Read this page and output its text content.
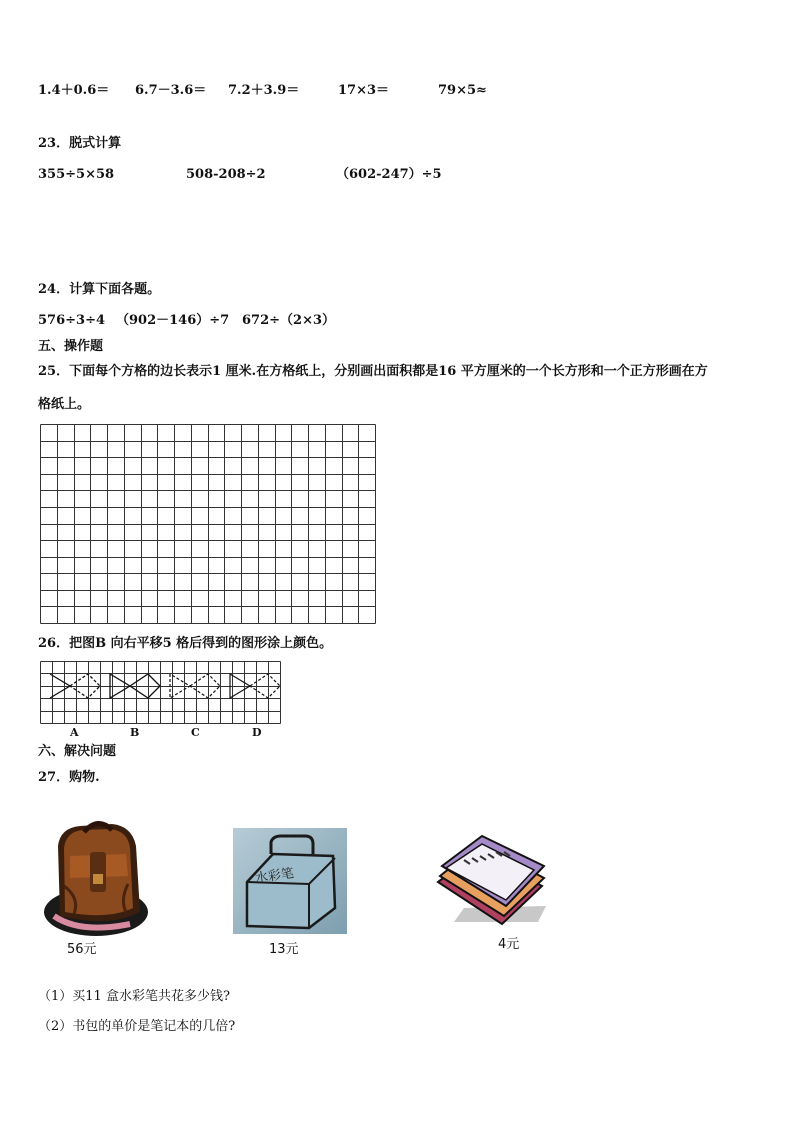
1.4＋0.6＝ 6.7－3.6＝ 7.2＋3.9＝	17×3＝	79×5≈
23．脱式计算
355÷5×58	508-208÷2	（602-247）÷5
24．计算下面各题。
576÷3÷4 （902－146）÷7 672÷（2×3）
五、操作题
25．下面每个方格的边长表示1 厘米.在方格纸上，分别画出面积都是16 平方厘米的一个长方形和一个正方形画在方
格纸上。
26．把图B 向右平移5 格后得到的图形涂上颜色。
A	B	C	D
六、解决问题
27．购物.
56元
水彩笔
13元	4元
（1）买11 盒水彩笔共花多少钱?
（2）书包的单价是笔记本的几倍?
